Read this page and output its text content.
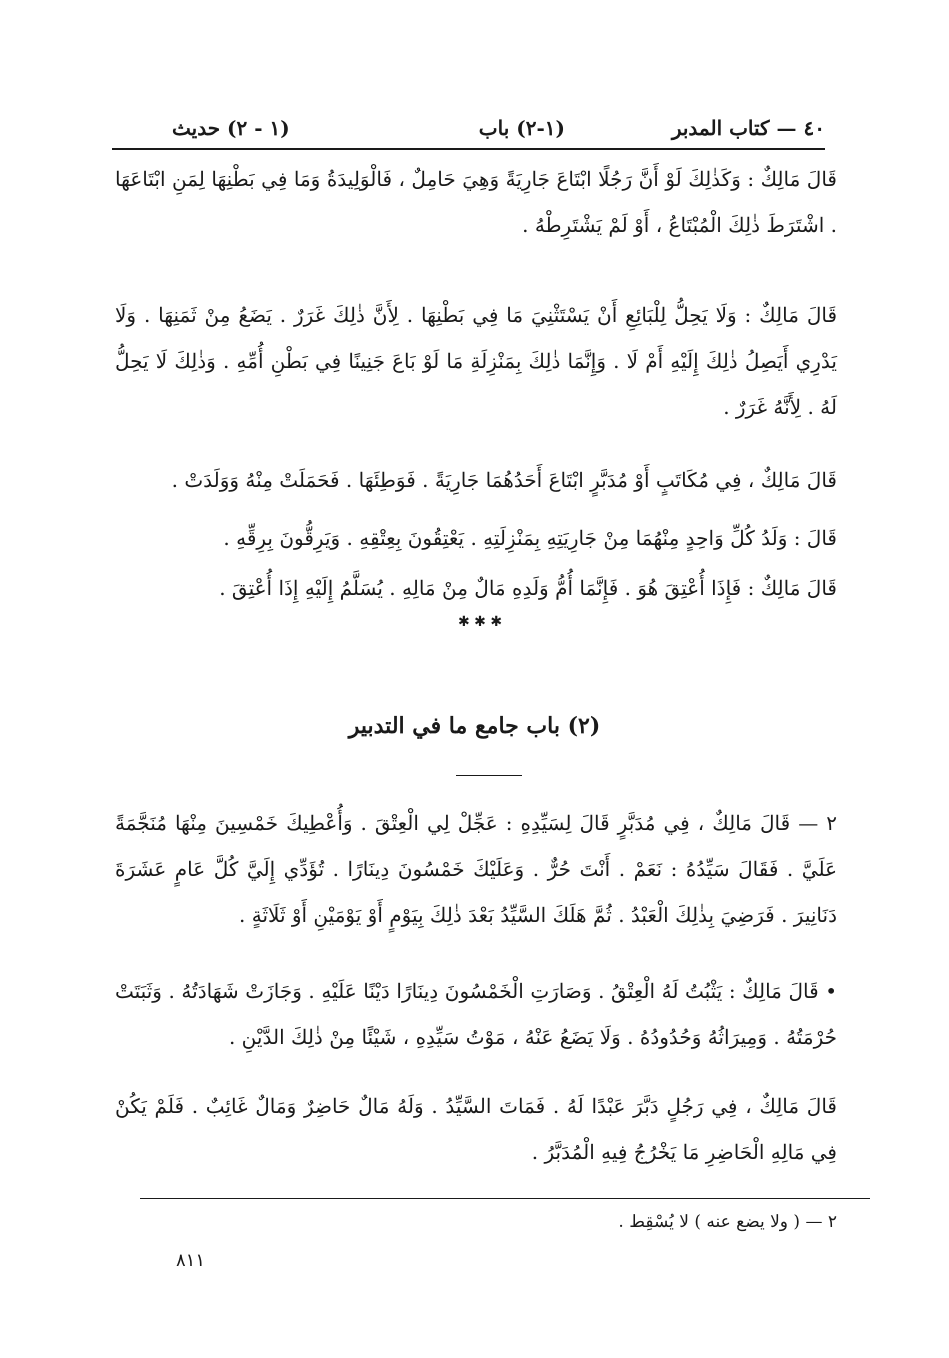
٤٠ — كتاب المدبر
(١-٢) باب
(١ - ٢) حديث
قَالَ مَالِكٌ : وَكَذٰلِكَ لَوْ أَنَّ رَجُلًا ابْتَاعَ جَارِيَةً وَهِيَ حَامِلٌ ، فَالْوَلِيدَةُ وَمَا فِي بَطْنِهَا لِمَنِ ابْتَاعَهَا . اشْتَرَطَ ذٰلِكَ الْمُبْتَاعُ ، أَوْ لَمْ يَشْتَرِطْهُ .
قَالَ مَالِكٌ : وَلَا يَحِلُّ لِلْبَائِعِ أَنْ يَسْتَثْنِيَ مَا فِي بَطْنِهَا . لِأَنَّ ذٰلِكَ غَرَرٌ . يَضَعُ مِنْ ثَمَنِهَا . وَلَا يَدْرِي أَيَصِلُ ذٰلِكَ إِلَيْهِ أَمْ لَا . وَإِنَّمَا ذٰلِكَ بِمَنْزِلَةِ مَا لَوْ بَاعَ جَنِينًا فِي بَطْنِ أُمِّهِ . وَذٰلِكَ لَا يَحِلُّ لَهُ . لِأَنَّهُ غَرَرٌ .
قَالَ مَالِكٌ ، فِي مُكَاتَبٍ أَوْ مُدَبَّرٍ ابْتَاعَ أَحَدُهُمَا جَارِيَةً . فَوَطِئَهَا . فَحَمَلَتْ مِنْهُ وَوَلَدَتْ .
قَالَ : وَلَدُ كُلِّ وَاحِدٍ مِنْهُمَا مِنْ جَارِيَتِهِ بِمَنْزِلَتِهِ . يَعْتِقُونَ بِعِتْقِهِ . وَيَرِقُّونَ بِرِقِّهِ .
قَالَ مَالِكٌ : فَإِذَا أُعْتِقَ هُوَ . فَإِنَّمَا أُمُّ وَلَدِهِ مَالٌ مِنْ مَالِهِ . يُسَلَّمُ إِلَيْهِ إِذَا أُعْتِقَ .
✱ ✱ ✱
(٢) باب جامع ما في التدبير
٢ — قَالَ مَالِكٌ ، فِي مُدَبَّرٍ قَالَ لِسَيِّدِهِ : عَجِّلْ لِي الْعِتْقَ . وَأُعْطِيكَ خَمْسِينَ مِنْهَا مُنَجَّمَةً عَلَيَّ . فَقَالَ سَيِّدُهُ : نَعَمْ . أَنْتَ حُرٌّ . وَعَلَيْكَ خَمْسُونَ دِينَارًا . تُؤَدِّي إِلَيَّ كُلَّ عَامٍ عَشَرَةَ دَنَانِيرَ . فَرَضِيَ بِذٰلِكَ الْعَبْدُ . ثُمَّ هَلَكَ السَّيِّدُ بَعْدَ ذٰلِكَ بِيَوْمٍ أَوْ يَوْمَيْنِ أَوْ ثَلَاثَةٍ .
• قَالَ مَالِكٌ : يَثْبُتُ لَهُ الْعِتْقُ . وَصَارَتِ الْخَمْسُونَ دِينَارًا دَيْنًا عَلَيْهِ . وَجَازَتْ شَهَادَتُهُ . وَثَبَتَتْ حُرْمَتُهُ . وَمِيرَاثُهُ وَحُدُودُهُ . وَلَا يَضَعُ عَنْهُ ، مَوْتُ سَيِّدِهِ ، شَيْئًا مِنْ ذٰلِكَ الدَّيْنِ .
قَالَ مَالِكٌ ، فِي رَجُلٍ دَبَّرَ عَبْدًا لَهُ . فَمَاتَ السَّيِّدُ . وَلَهُ مَالٌ حَاضِرٌ وَمَالٌ غَائِبٌ . فَلَمْ يَكُنْ فِي مَالِهِ الْحَاضِرِ مَا يَخْرُجُ فِيهِ الْمُدَبَّرُ .
٢ — ( ولا يضع عنه ) لا يُسْقِط .
٨١١
